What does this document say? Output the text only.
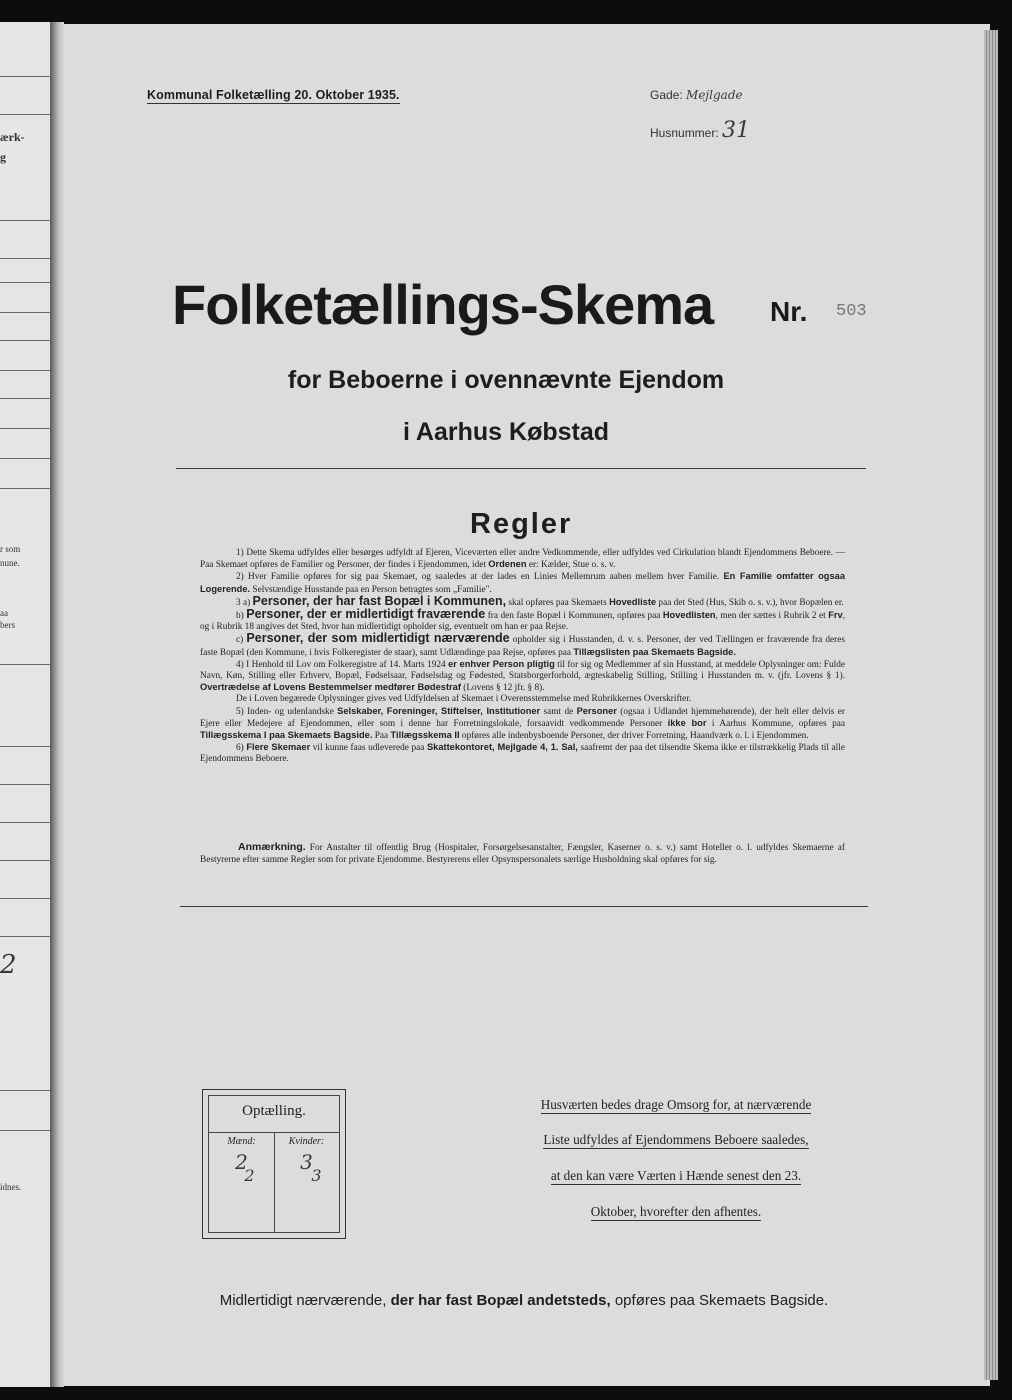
ærk-
g
r som
nune.
aa
bers
2
idnes.
Kommunal Folketælling 20. Oktober 1935.	Gade: Mejlgade
Husnummer: 31
Folketællings-Skema Nr. 503
for Beboerne i ovennævnte Ejendom
i Aarhus Købstad
Regler

1) Dette Skema udfyldes eller besørges udfyldt af Ejeren, Viceværten eller andre Vedkommende, eller udfyldes ved Cirkulation blandt Ejendommens Beboere. — Paa Skemaet opføres de Familier og Personer, der findes i Ejendommen, idet Ordenen er: Kælder, Stue o. s. v.

2) Hver Familie opføres for sig paa Skemaet, og saaledes at der lades en Linies Mellemrum aaben mellem hver Familie. En Familie omfatter ogsaa Logerende. Selvstændige Husstande paa en Person betragtes som „Familie".

3 a) Personer, der har fast Bopæl i Kommunen, skal opføres paa Skemaets Hovedliste paa det Sted (Hus, Skib o. s. v.), hvor Bopælen er.

b) Personer, der er midlertidigt fraværende fra den faste Bopæl i Kommunen, opføres paa Hovedlisten, men der sættes i Rubrik 2 et Frv, og i Rubrik 18 angives det Sted, hvor han midlertidigt opholder sig, eventuelt om han er paa Rejse.

c) Personer, der som midlertidigt nærværende opholder sig i Husstanden, d. v. s. Personer, der ved Tællingen er fraværende fra deres faste Bopæl (den Kommune, i hvis Folkeregister de staar), samt Udlændinge paa Rejse, opføres paa Tillægslisten paa Skemaets Bagside.

4) I Henhold til Lov om Folkeregistre af 14. Marts 1924 er enhver Person pligtig til for sig og Medlemmer af sin Husstand, at meddele Oplysninger om: Fulde Navn, Køn, Stilling eller Erhverv, Bopæl, Fødselsaar, Fødselsdag og Fødested, Statsborgerforhold, ægteskabelig Stilling, Stilling i Husstanden m. v. (jfr. Lovens § 1). Overtrædelse af Lovens Bestemmelser medfører Bødestraf (Lovens § 12 jfr. § 8).

De i Loven begærede Oplysninger gives ved Udfyldelsen af Skemaet i Overensstemmelse med Rubrikkernes Overskrifter.

5) Inden- og udenlandske Selskaber, Foreninger, Stiftelser, Institutioner samt de Personer (ogsaa i Udlandet hjemmehørende), der helt eller delvis er Ejere eller Medejere af Ejendommen, eller som i denne har Forretningslokale, forsaavidt vedkommende Personer ikke bor i Aarhus Kommune, opføres paa Tillægsskema I paa Skemaets Bagside. Paa Tillægsskema II opføres alle indenbysboende Personer, der driver Forretning, Haandværk o. l. i Ejendommen.

6) Flere Skemaer vil kunne faas udleverede paa Skattekontoret, Mejlgade 4, 1. Sal, saafremt der paa det tilsendte Skema ikke er tilstrækkelig Plads til alle Ejendommens Beboere.

Anmærkning. For Anstalter til offentlig Brug (Hospitaler, Forsørgelsesanstalter, Fængsler, Kaserner o. s. v.) samt Hoteller o. l. udfyldes Skemaerne af Bestyrerne efter samme Regler som for private Ejendomme. Bestyrerens eller Opsynspersonalets særlige Husholdning skal opføres for sig.

Optælling.
Mænd:	Kvinder:
2
2
3
3
Husværten bedes drage Omsorg for, at nærværende
Liste udfyldes af Ejendommens Beboere saaledes,
at den kan være Værten i Hænde senest den 23.
Oktober, hvorefter den afhentes.
Midlertidigt nærværende, der har fast Bopæl andetsteds, opføres paa Skemaets Bagside.
